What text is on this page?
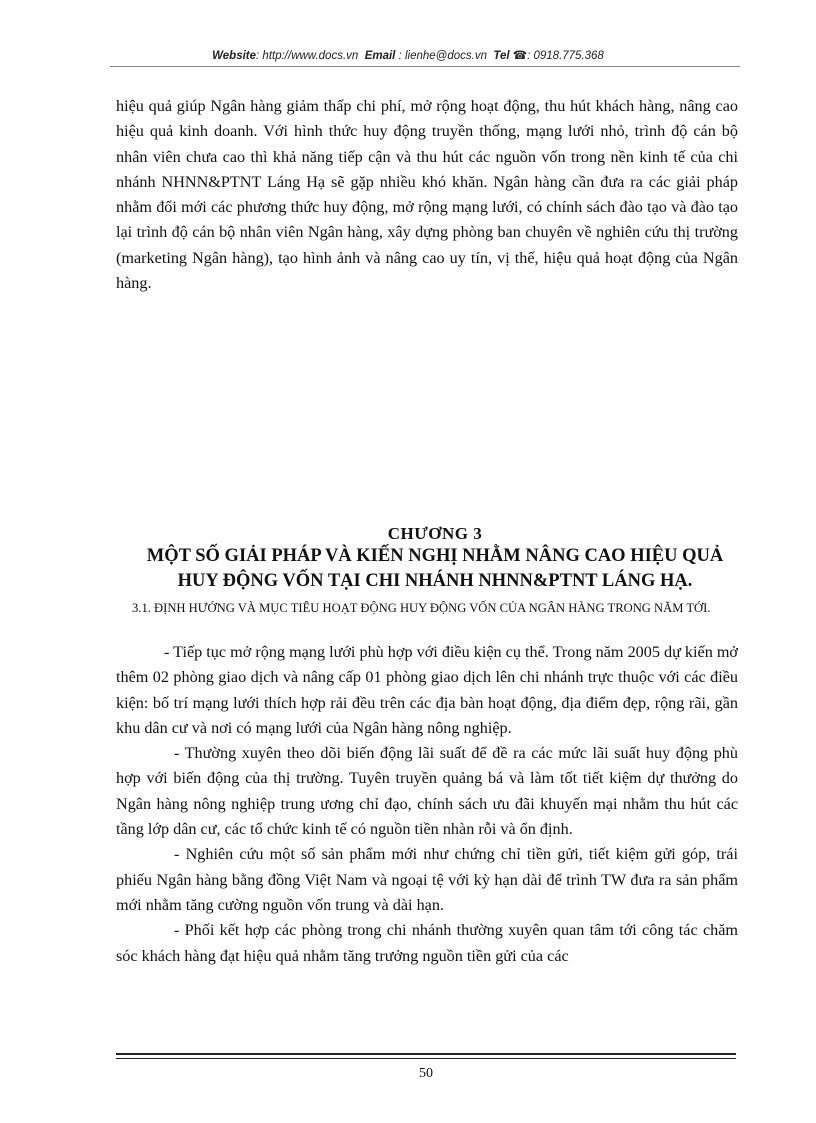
Website: http://www.docs.vn Email : lienhe@docs.vn Tel ☎: 0918.775.368

hiệu quả giúp Ngân hàng giảm thấp chi phí, mở rộng hoạt động, thu hút khách hàng, nâng cao hiệu quả kinh doanh. Với hình thức huy động truyền thống, mạng lưới nhỏ, trình độ cán bộ nhân viên chưa cao thì khả năng tiếp cận và thu hút các nguồn vốn trong nền kinh tế của chi nhánh NHNN&PTNT Láng Hạ sẽ gặp nhiều khó khăn. Ngân hàng cần đưa ra các giải pháp nhằm đổi mới các phương thức huy động, mở rộng mạng lưới, có chính sách đào tạo và đào tạo lại trình độ cán bộ nhân viên Ngân hàng, xây dựng phòng ban chuyên về nghiên cứu thị trường (marketing Ngân hàng), tạo hình ảnh và nâng cao uy tín, vị thế, hiệu quả hoạt động của Ngân hàng.

CHƯƠNG 3
MỘT SỐ GIẢI PHÁP VÀ KIẾN NGHỊ NHẰM NÂNG CAO HIỆU QUẢ
HUY ĐỘNG VỐN TẠI CHI NHÁNH NHNN&PTNT LÁNG HẠ.
3.1. ĐỊNH HƯỚNG VÀ MỤC TIÊU HOẠT ĐỘNG HUY ĐỘNG VỐN CỦA NGÂN HÀNG TRONG NĂM TỚI.

- Tiếp tục mở rộng mạng lưới phù hợp với điều kiện cụ thể. Trong năm 2005 dự kiến mở thêm 02 phòng giao dịch và nâng cấp 01 phòng giao dịch lên chi nhánh trực thuộc với các điều kiện: bố trí mạng lưới thích hợp rải đều trên các địa bàn hoạt động, địa điểm đẹp, rộng rãi, gần khu dân cư và nơi có mạng lưới của Ngân hàng nông nghiệp.

- Thường xuyên theo dõi biến động lãi suất để đề ra các mức lãi suất huy động phù hợp với biến động của thị trường. Tuyên truyền quảng bá và làm tốt tiết kiệm dự thưởng do Ngân hàng nông nghiệp trung ương chỉ đạo, chính sách ưu đãi khuyến mại nhằm thu hút các tầng lớp dân cư, các tổ chức kinh tế có nguồn tiền nhàn rỗi và ổn định.

- Nghiên cứu một số sản phẩm mới như chứng chỉ tiền gửi, tiết kiệm gửi góp, trái phiếu Ngân hàng bằng đồng Việt Nam và ngoại tệ với kỳ hạn dài để trình TW đưa ra sản phẩm mới nhằm tăng cường nguồn vốn trung và dài hạn.

- Phối kết hợp các phòng trong chi nhánh thường xuyên quan tâm tới công tác chăm sóc khách hàng đạt hiệu quả nhằm tăng trưởng nguồn tiền gửi của các

50
